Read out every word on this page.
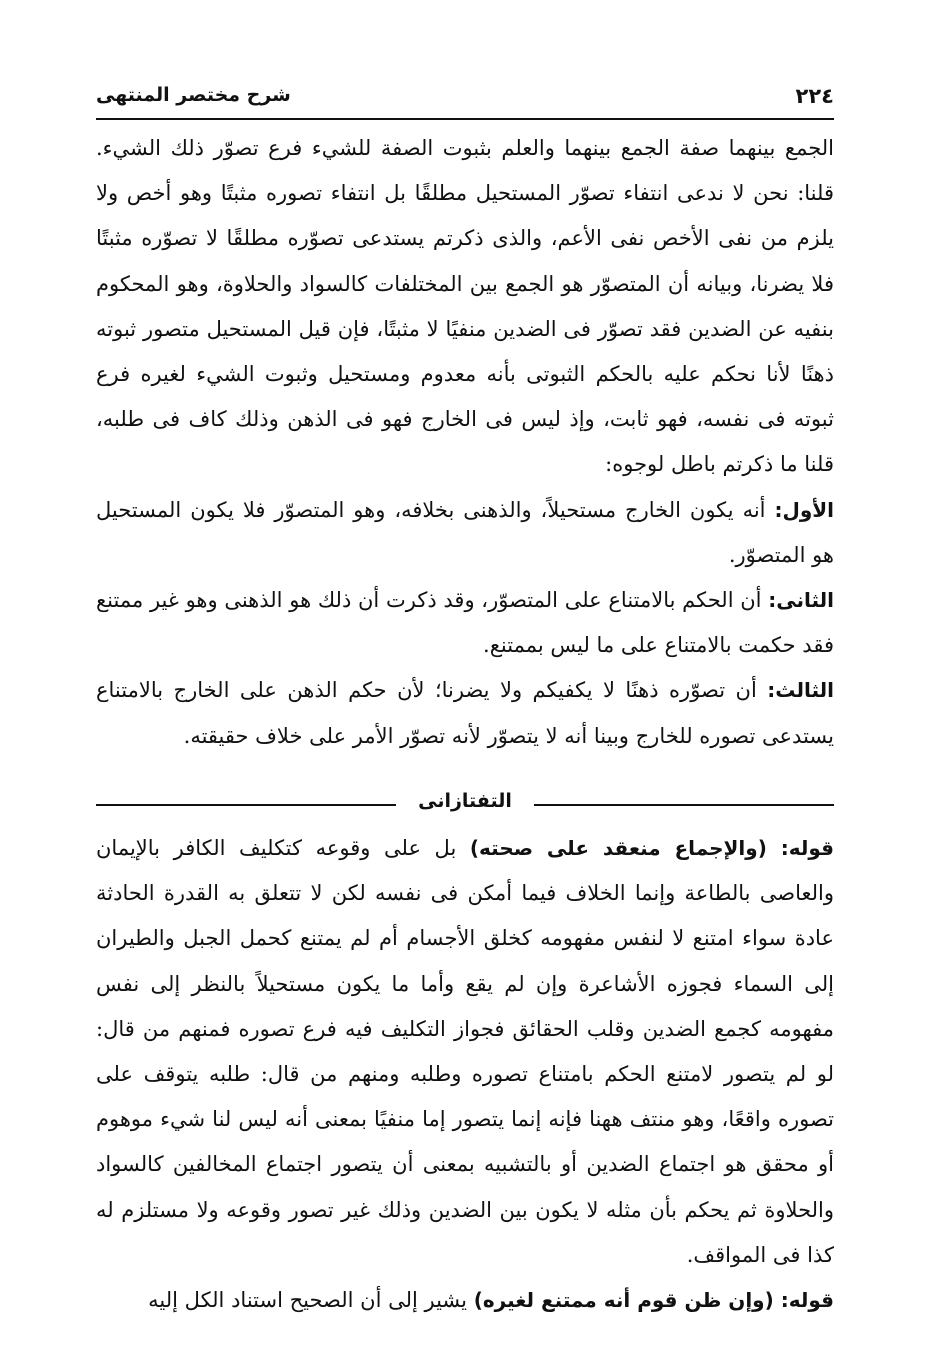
٢٢٤
شرح مختصر المنتهى

الجمع بينهما صفة الجمع بينهما والعلم بثبوت الصفة للشيء فرع تصوّر ذلك الشيء. قلنا: نحن لا ندعى انتفاء تصوّر المستحيل مطلقًا بل انتفاء تصوره مثبتًا وهو أخص ولا يلزم من نفى الأخص نفى الأعم، والذى ذكرتم يستدعى تصوّره مطلقًا لا تصوّره مثبتًا فلا يضرنا، وبيانه أن المتصوّر هو الجمع بين المختلفات كالسواد والحلاوة، وهو المحكوم بنفيه عن الضدين فقد تصوّر فى الضدين منفيًا لا مثبتًا، فإن قيل المستحيل متصور ثبوته ذهنًا لأنا نحكم عليه بالحكم الثبوتى بأنه معدوم ومستحيل وثبوت الشيء لغيره فرع ثبوته فى نفسه، فهو ثابت، وإذ ليس فى الخارج فهو فى الذهن وذلك كاف فى طلبه، قلنا ما ذكرتم باطل لوجوه:

الأول: أنه يكون الخارج مستحيلاً، والذهنى بخلافه، وهو المتصوّر فلا يكون المستحيل هو المتصوّر.

الثانى: أن الحكم بالامتناع على المتصوّر، وقد ذكرت أن ذلك هو الذهنى وهو غير ممتنع فقد حكمت بالامتناع على ما ليس بممتنع.

الثالث: أن تصوّره ذهنًا لا يكفيكم ولا يضرنا؛ لأن حكم الذهن على الخارج بالامتناع يستدعى تصوره للخارج وبينا أنه لا يتصوّر لأنه تصوّر الأمر على خلاف حقيقته.

التفتازانى

قوله: (والإجماع منعقد على صحته) بل على وقوعه كتكليف الكافر بالإيمان والعاصى بالطاعة وإنما الخلاف فيما أمكن فى نفسه لكن لا تتعلق به القدرة الحادثة عادة سواء امتنع لا لنفس مفهومه كخلق الأجسام أم لم يمتنع كحمل الجبل والطيران إلى السماء فجوزه الأشاعرة وإن لم يقع وأما ما يكون مستحيلاً بالنظر إلى نفس مفهومه كجمع الضدين وقلب الحقائق فجواز التكليف فيه فرع تصوره فمنهم من قال: لو لم يتصور لامتنع الحكم بامتناع تصوره وطلبه ومنهم من قال: طلبه يتوقف على تصوره واقعًا، وهو منتف ههنا فإنه إنما يتصور إما منفيًا بمعنى أنه ليس لنا شيء موهوم أو محقق هو اجتماع الضدين أو بالتشبيه بمعنى أن يتصور اجتماع المخالفين كالسواد والحلاوة ثم يحكم بأن مثله لا يكون بين الضدين وذلك غير تصور وقوعه ولا مستلزم له كذا فى المواقف.

قوله: (وإن ظن قوم أنه ممتنع لغيره) يشير إلى أن الصحيح استناد الكل إليه
